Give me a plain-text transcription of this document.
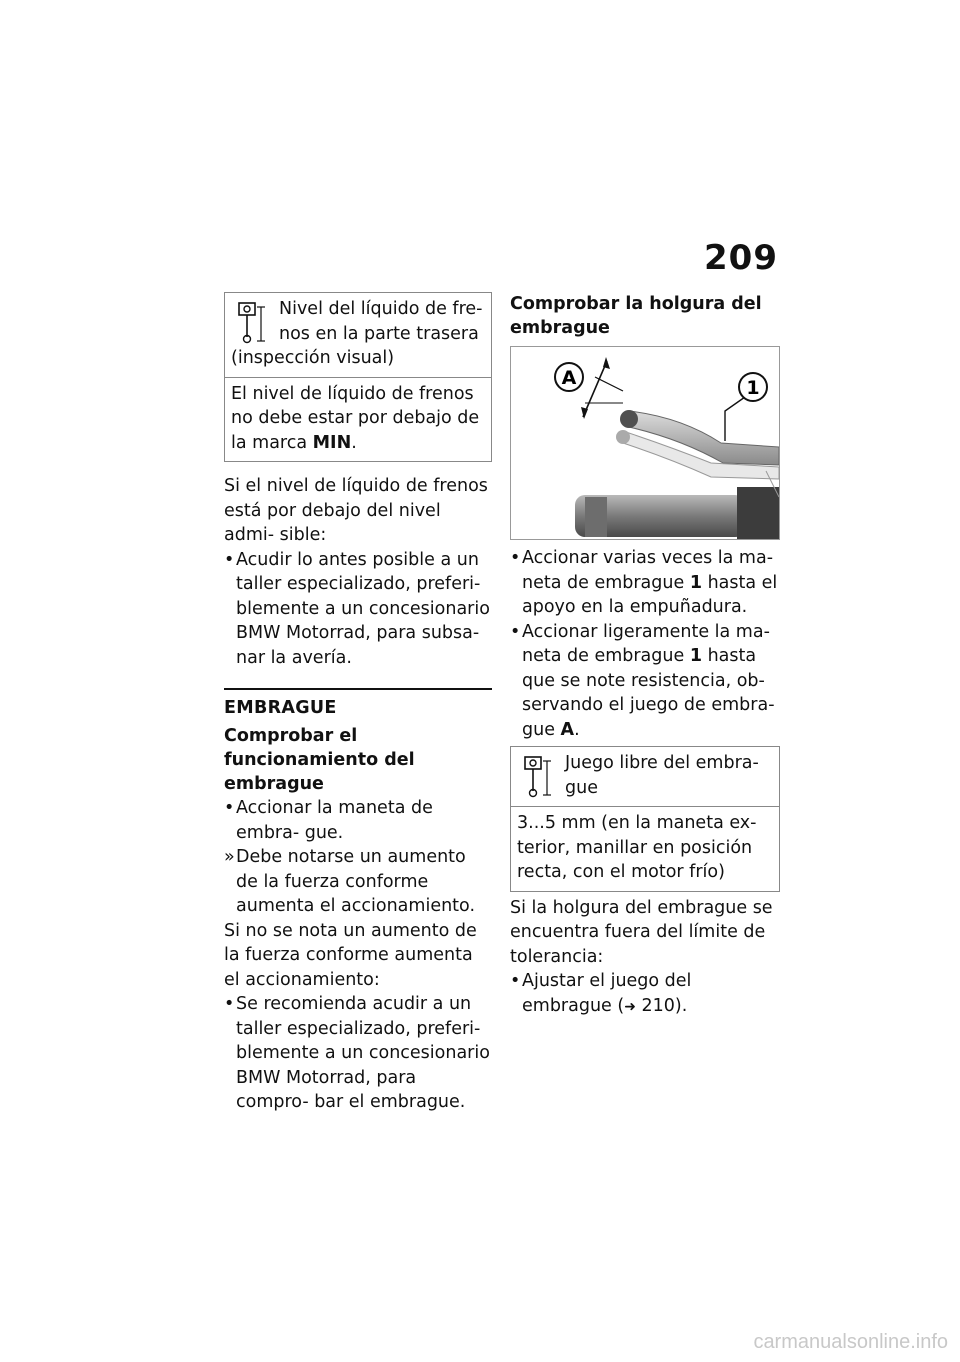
209
Nivel del líquido de fre- nos en la parte trasera (inspección visual)
El nivel de líquido de frenos no debe estar por debajo de la marca MIN.

Si el nivel de líquido de frenos está por debajo del nivel admi- sible:

• Acudir lo antes posible a un taller especializado, preferi- blemente a un concesionario BMW Motorrad, para subsa- nar la avería.
EMBRAGUE
Comprobar el funcionamiento del embrague
• Accionar la maneta de embra- gue.
» Debe notarse un aumento de la fuerza conforme aumenta el accionamiento.

Si no se nota un aumento de la fuerza conforme aumenta el accionamiento:

• Se recomienda acudir a un taller especializado, preferi- blemente a un concesionario BMW Motorrad, para compro- bar el embrague.
Comprobar la holgura del embrague
A	1
• Accionar varias veces la ma- neta de embrague 1 hasta el apoyo en la empuñadura.
• Accionar ligeramente la ma- neta de embrague 1 hasta que se note resistencia, ob- servando el juego de embra- gue A.
Juego libre del embra- gue
3...5 mm (en la maneta ex- terior, manillar en posición recta, con el motor frío)

Si la holgura del embrague se encuentra fuera del límite de tolerancia:

• Ajustar el juego del embrague (➜ 210).
carmanualsonline.info
